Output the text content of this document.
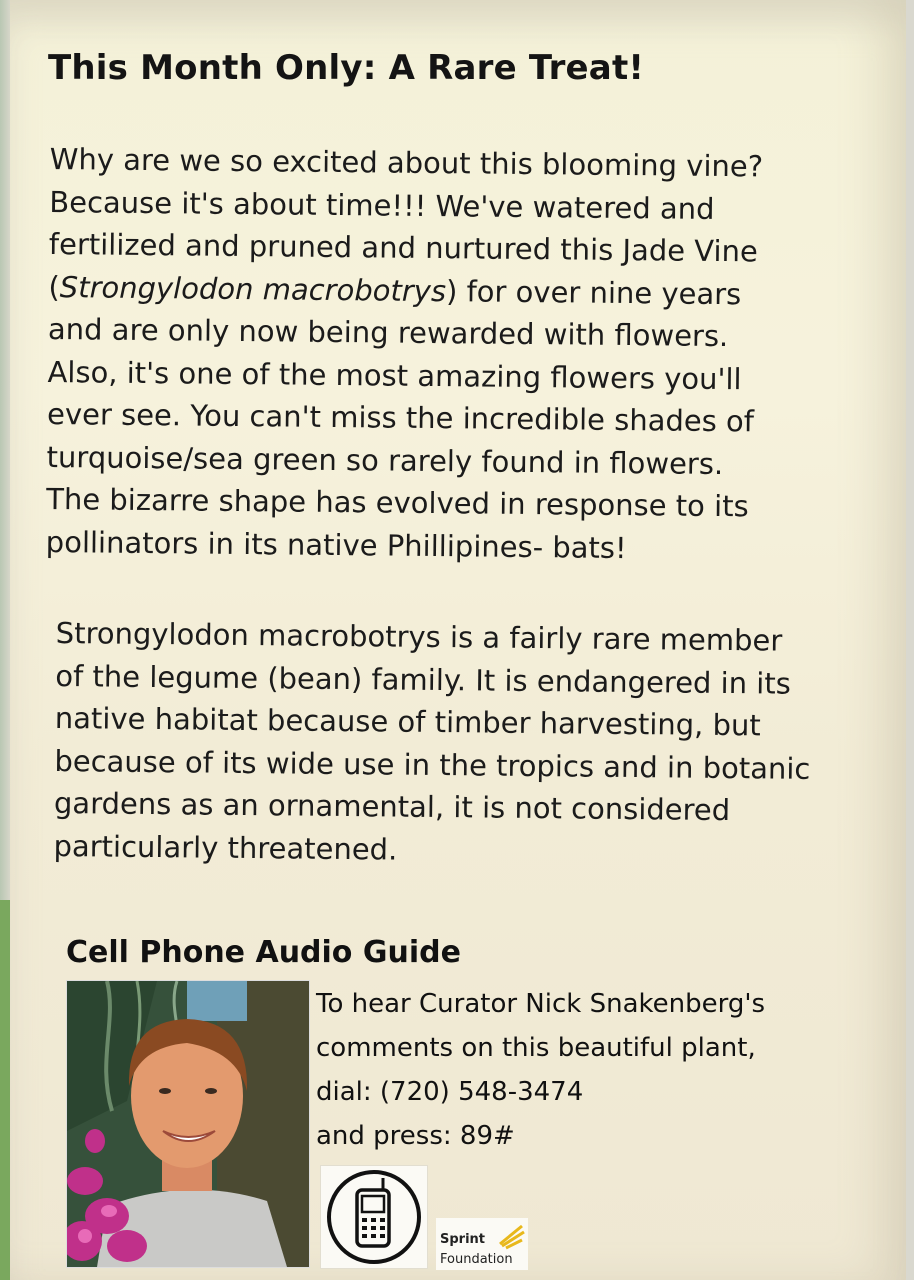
This Month Only: A Rare Treat!

Why are we so excited about this blooming vine?
Because it's about time!!! We've watered and
fertilized and pruned and nurtured this Jade Vine
(Strongylodon macrobotrys) for over nine years
and are only now being rewarded with flowers.
Also, it's one of the most amazing flowers you'll
ever see. You can't miss the incredible shades of
turquoise/sea green so rarely found in flowers.
The bizarre shape has evolved in response to its
pollinators in its native Phillipines- bats!

Strongylodon macrobotrys is a fairly rare member
of the legume (bean) family. It is endangered in its
native habitat because of timber harvesting, but
because of its wide use in the tropics and in botanic
gardens as an ornamental, it is not considered
particularly threatened.

Cell Phone Audio Guide
To hear Curator Nick Snakenberg's
comments on this beautiful plant,
dial: (720) 548-3474
and press: 89#
Sprint
Foundation
